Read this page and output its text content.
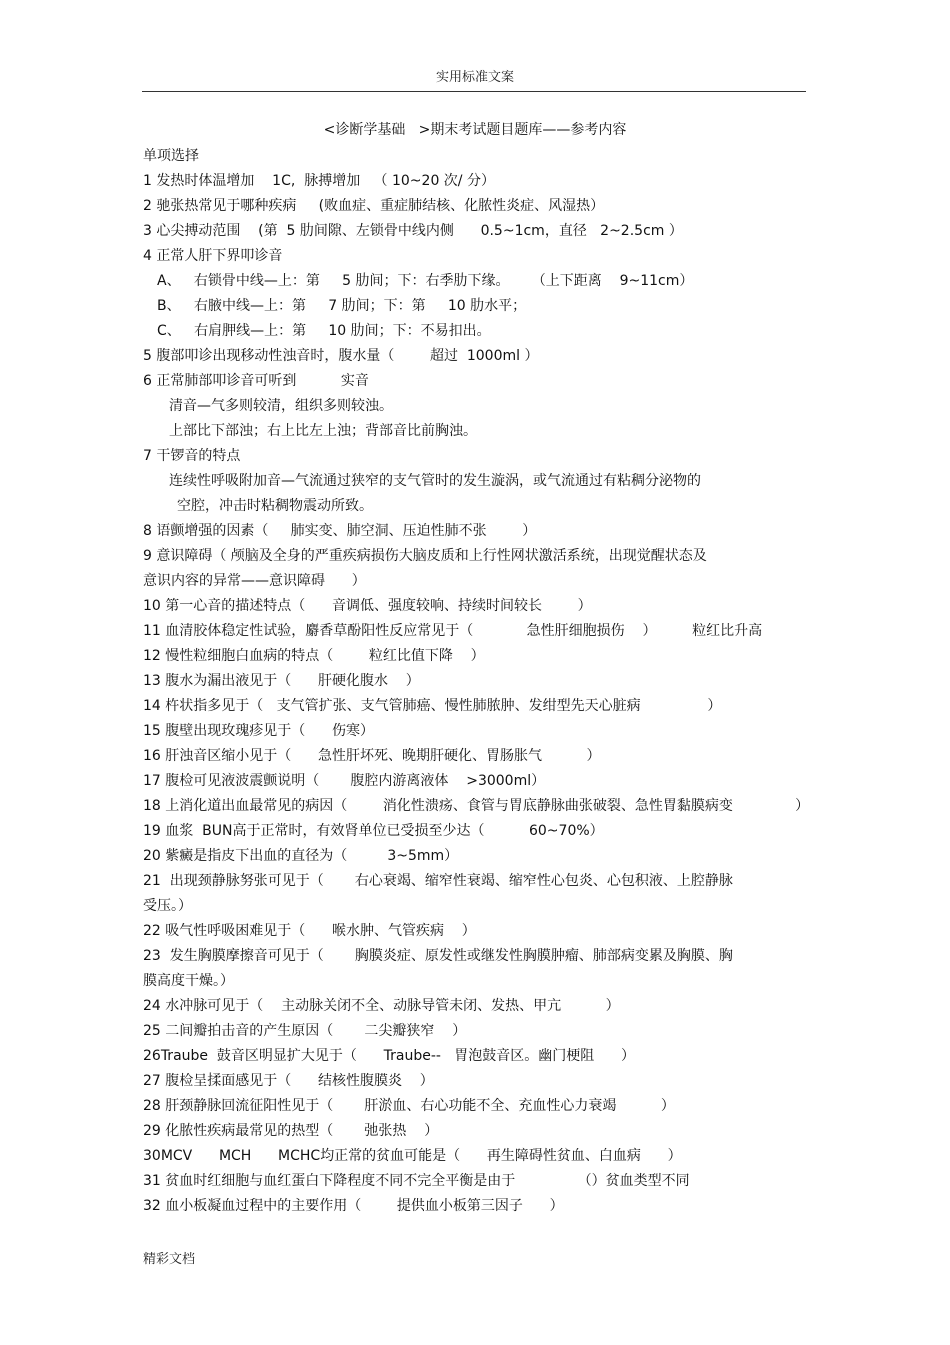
实用标准文案
<诊断学基础   >期末考试题目题库——参考内容
单项选择
1 发热时体温增加    1C,  脉搏增加   （ 10~20 次/ 分）
2 驰张热常见于哪种疾病     (败血症、重症肺结核、化脓性炎症、风湿热）
3 心尖搏动范围    (第  5 肋间隙、左锁骨中线内侧      0.5~1cm，直径   2~2.5cm ）
4 正常人肝下界叩诊音
A、   右锁骨中线—上：第     5 肋间；下：右季肋下缘。     （上下距离    9~11cm）
B、   右腋中线—上：第     7 肋间；下：第     10 肋水平；
C、   右肩胛线—上：第     10 肋间；下：不易扣出。
5 腹部叩诊出现移动性浊音时，腹水量（        超过  1000ml ）
6 正常肺部叩诊音可听到          实音
清音—气多则较清，组织多则较浊。
上部比下部浊；右上比左上浊；背部音比前胸浊。
7 干锣音的特点
连续性呼吸附加音—气流通过狭窄的支气管时的发生漩涡，或气流通过有粘稠分泌物的
空腔，冲击时粘稠物震动所致。
8 语颤增强的因素（     肺实变、肺空洞、压迫性肺不张        ）
9 意识障碍（ 颅脑及全身的严重疾病损伤大脑皮质和上行性网状激活系统，出现觉醒状态及
意识内容的异常——意识障碍      ）
10 第一心音的描述特点（      音调低、强度较响、持续时间较长        ）
11 血清胶体稳定性试验，麝香草酚阳性反应常见于（            急性肝细胞损伤    ）        粒红比升高
12 慢性粒细胞白血病的特点（        粒红比值下降    ）
13 腹水为漏出液见于（      肝硬化腹水    ）
14 杵状指多见于（   支气管扩张、支气管肺癌、慢性肺脓肿、发绀型先天心脏病               ）
15 腹壁出现玫瑰疹见于（      伤寒）
16 肝浊音区缩小见于（      急性肝坏死、晚期肝硬化、胃肠胀气          ）
17 腹检可见液波震颤说明（       腹腔内游离液体    >3000ml）
18 上消化道出血最常见的病因（        消化性溃疡、食管与胃底静脉曲张破裂、急性胃黏膜病变              ）
19 血浆  BUN高于正常时，有效肾单位已受损至少达（          60~70%）
20 紫癜是指皮下出血的直径为（         3~5mm）
21  出现颈静脉努张可见于（       右心衰竭、缩窄性衰竭、缩窄性心包炎、心包积液、上腔静脉
受压。）
22 吸气性呼吸困难见于（      喉水肿、气管疾病    ）
23  发生胸膜摩擦音可见于（       胸膜炎症、原发性或继发性胸膜肿瘤、肺部病变累及胸膜、胸
膜高度干燥。）
24 水冲脉可见于（    主动脉关闭不全、动脉导管未闭、发热、甲亢          ）
25 二间瓣拍击音的产生原因（       二尖瓣狭窄    ）
26Traube  鼓音区明显扩大见于（      Traube--   胃泡鼓音区。幽门梗阻      ）
27 腹检呈揉面感见于（      结核性腹膜炎    ）
28 肝颈静脉回流征阳性见于（       肝淤血、右心功能不全、充血性心力衰竭          ）
29 化脓性疾病最常见的热型（       弛张热    ）
30MCV      MCH      MCHC均正常的贫血可能是（      再生障碍性贫血、白血病      ）
31 贫血时红细胞与血红蛋白下降程度不同不完全平衡是由于              （）贫血类型不同
32 血小板凝血过程中的主要作用（        提供血小板第三因子      ）
精彩文档
